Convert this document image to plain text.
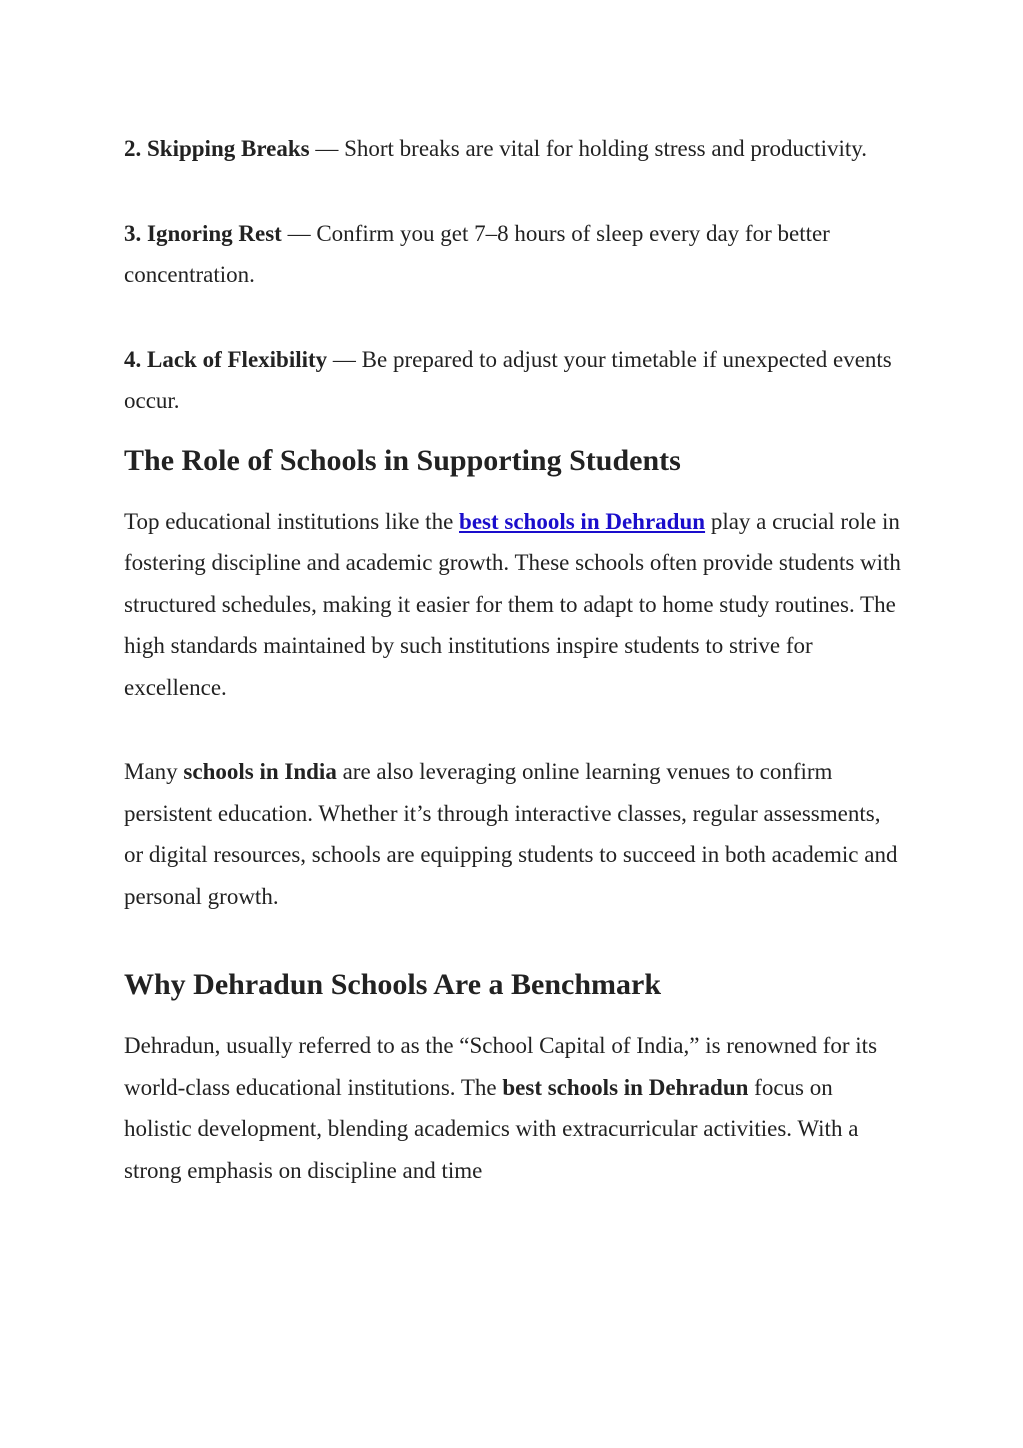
2. Skipping Breaks — Short breaks are vital for holding stress and productivity.

3. Ignoring Rest — Confirm you get 7–8 hours of sleep every day for better concentration.

4. Lack of Flexibility — Be prepared to adjust your timetable if unexpected events occur.

The Role of Schools in Supporting Students

Top educational institutions like the best schools in Dehradun play a crucial role in fostering discipline and academic growth. These schools often provide students with structured schedules, making it easier for them to adapt to home study routines. The high standards maintained by such institutions inspire students to strive for excellence.

Many schools in India are also leveraging online learning venues to confirm persistent education. Whether it’s through interactive classes, regular assessments, or digital resources, schools are equipping students to succeed in both academic and personal growth.

Why Dehradun Schools Are a Benchmark

Dehradun, usually referred to as the “School Capital of India,” is renowned for its world-class educational institutions. The best schools in Dehradun focus on holistic development, blending academics with extracurricular activities. With a strong emphasis on discipline and time
